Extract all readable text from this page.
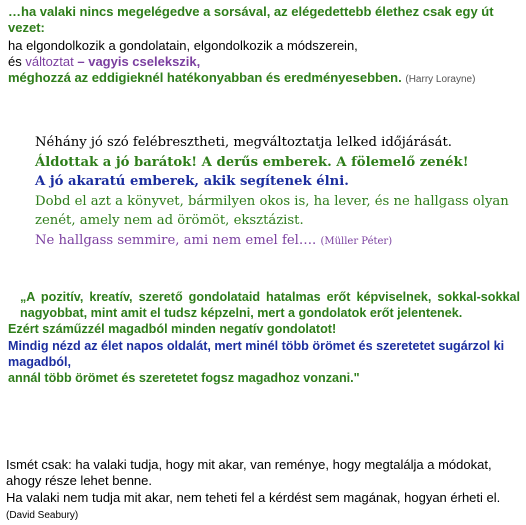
…ha valaki nincs megelégedve a sorsával, az elégedettebb élethez csak egy út vezet:
ha elgondolkozik a gondolatain, elgondolkozik a módszerein,
és változtat – vagyis cselekszik,
méghozzá az eddigieknél hatékonyabban és eredményesebben. (Harry Lorayne)
Néhány jó szó felébresztheti, megváltoztatja lelked időjárását.
Áldottak a jó barátok! A derűs emberek. A fölemelő zenék!
A jó akaratú emberek, akik segítenek élni.
Dobd el azt a könyvet, bármilyen okos is, ha lever, és ne hallgass olyan zenét, amely nem ad örömöt, eksztázist.
Ne hallgass semmire, ami nem emel fel…. (Müller Péter)
„A pozitív, kreatív, szerető gondolataid hatalmas erőt képviselnek, sokkal-sokkal nagyobbat, mint amit el tudsz képzelni, mert a gondolatok erőt jelentenek.
Ezért száműzzél magadból minden negatív gondolatot!
Mindig nézd az élet napos oldalát, mert minél több örömet és szeretetet sugárzol ki magadból,
annál több örömet és szeretetet fogsz magadhoz vonzani."
Ismét csak: ha valaki tudja, hogy mit akar, van reménye, hogy megtalálja a módokat, ahogy része lehet benne.
Ha valaki nem tudja mit akar, nem teheti fel a kérdést sem magának, hogyan érheti el. (David Seabury)
